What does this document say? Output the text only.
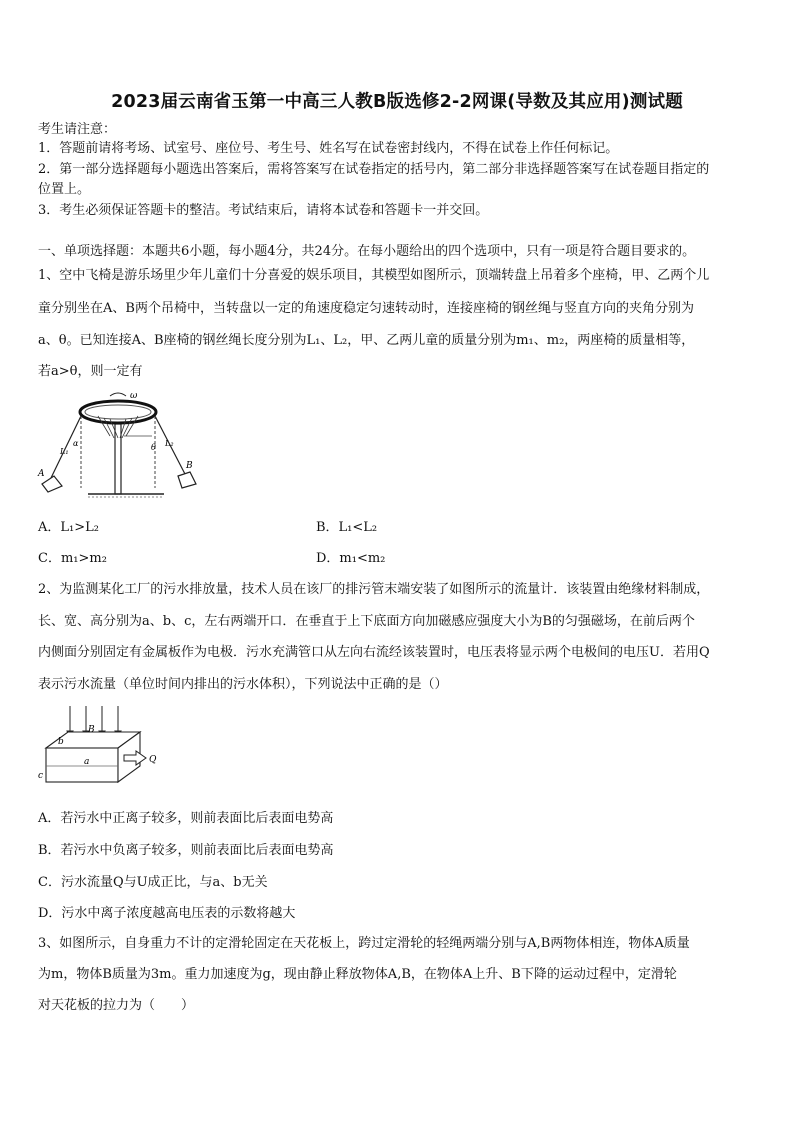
2023届云南省玉第一中高三人教B版选修2-2网课(导数及其应用)测试题
考生请注意：
1．答题前请将考场、试室号、座位号、考生号、姓名写在试卷密封线内，不得在试卷上作任何标记。
2．第一部分选择题每小题选出答案后，需将答案写在试卷指定的括号内，第二部分非选择题答案写在试卷题目指定的
位置上。
3．考生必须保证答题卡的整洁。考试结束后，请将本试卷和答题卡一并交回。
一、单项选择题：本题共6小题，每小题4分，共24分。在每小题给出的四个选项中，只有一项是符合题目要求的。
1、空中飞椅是游乐场里少年儿童们十分喜爱的娱乐项目，其模型如图所示，顶端转盘上吊着多个座椅，甲、乙两个儿
童分别坐在A、B两个吊椅中，当转盘以一定的角速度稳定匀速转动时，连接座椅的钢丝绳与竖直方向的夹角分别为
a、θ。已知连接A、B座椅的钢丝绳长度分别为L₁、L₂，甲、乙两儿童的质量分别为m₁、m₂，两座椅的质量相等，
若a>θ，则一定有
ω
L₁
L₂
α	θ
A
B
A．L₁>L₂	B．L₁<L₂
C．m₁>m₂	D．m₁<m₂
2、为监测某化工厂的污水排放量，技术人员在该厂的排污管末端安装了如图所示的流量计．该装置由绝缘材料制成，
长、宽、高分别为a、b、c，左右两端开口．在垂直于上下底面方向加磁感应强度大小为B的匀强磁场，在前后两个
内侧面分别固定有金属板作为电极．污水充满管口从左向右流经该装置时，电压表将显示两个电极间的电压U．若用Q
表示污水流量（单位时间内排出的污水体积），下列说法中正确的是（）
b
B
a
c
Q
A．若污水中正离子较多，则前表面比后表面电势高
B．若污水中负离子较多，则前表面比后表面电势高
C．污水流量Q与U成正比，与a、b无关
D．污水中离子浓度越高电压表的示数将越大
3、如图所示，自身重力不计的定滑轮固定在天花板上，跨过定滑轮的轻绳两端分别与A,B两物体相连，物体A质量
为m，物体B质量为3m。重力加速度为g，现由静止释放物体A,B，在物体A上升、B下降的运动过程中，定滑轮
对天花板的拉力为（　　）
